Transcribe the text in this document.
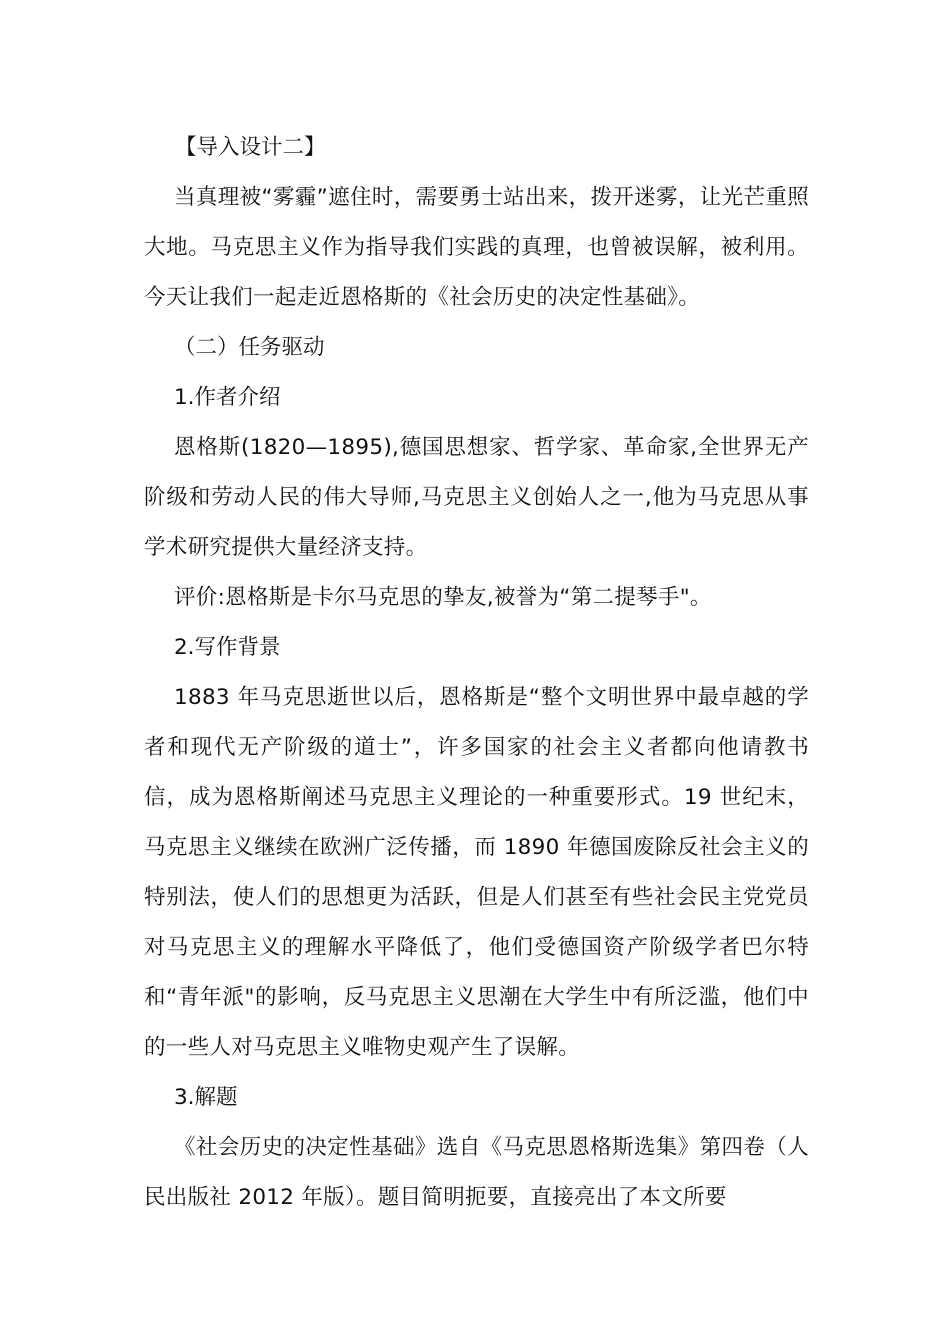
【导入设计二】

当真理被“雾霾”遮住时，需要勇士站出来，拨开迷雾，让光芒重照大地。马克思主义作为指导我们实践的真理，也曾被误解，被利用。今天让我们一起走近恩格斯的《社会历史的决定性基础》。

（二）任务驱动

1.作者介绍

恩格斯(1820—1895),德国思想家、哲学家、革命家,全世界无产阶级和劳动人民的伟大导师,马克思主义创始人之一,他为马克思从事学术研究提供大量经济支持。

评价:恩格斯是卡尔马克思的挚友,被誉为“第二提琴手"。

2.写作背景

1883 年马克思逝世以后，恩格斯是“整个文明世界中最卓越的学者和现代无产阶级的道士”，许多国家的社会主义者都向他请教书信，成为恩格斯阐述马克思主义理论的一种重要形式。19 世纪末，马克思主义继续在欧洲广泛传播，而 1890 年德国废除反社会主义的特别法，使人们的思想更为活跃，但是人们甚至有些社会民主党党员对马克思主义的理解水平降低了，他们受德国资产阶级学者巴尔特和“青年派"的影响，反马克思主义思潮在大学生中有所泛滥，他们中的一些人对马克思主义唯物史观产生了误解。

3.解题

《社会历史的决定性基础》选自《马克思恩格斯选集》第四卷（人民出版社 2012 年版）。题目简明扼要，直接亮出了本文所要
